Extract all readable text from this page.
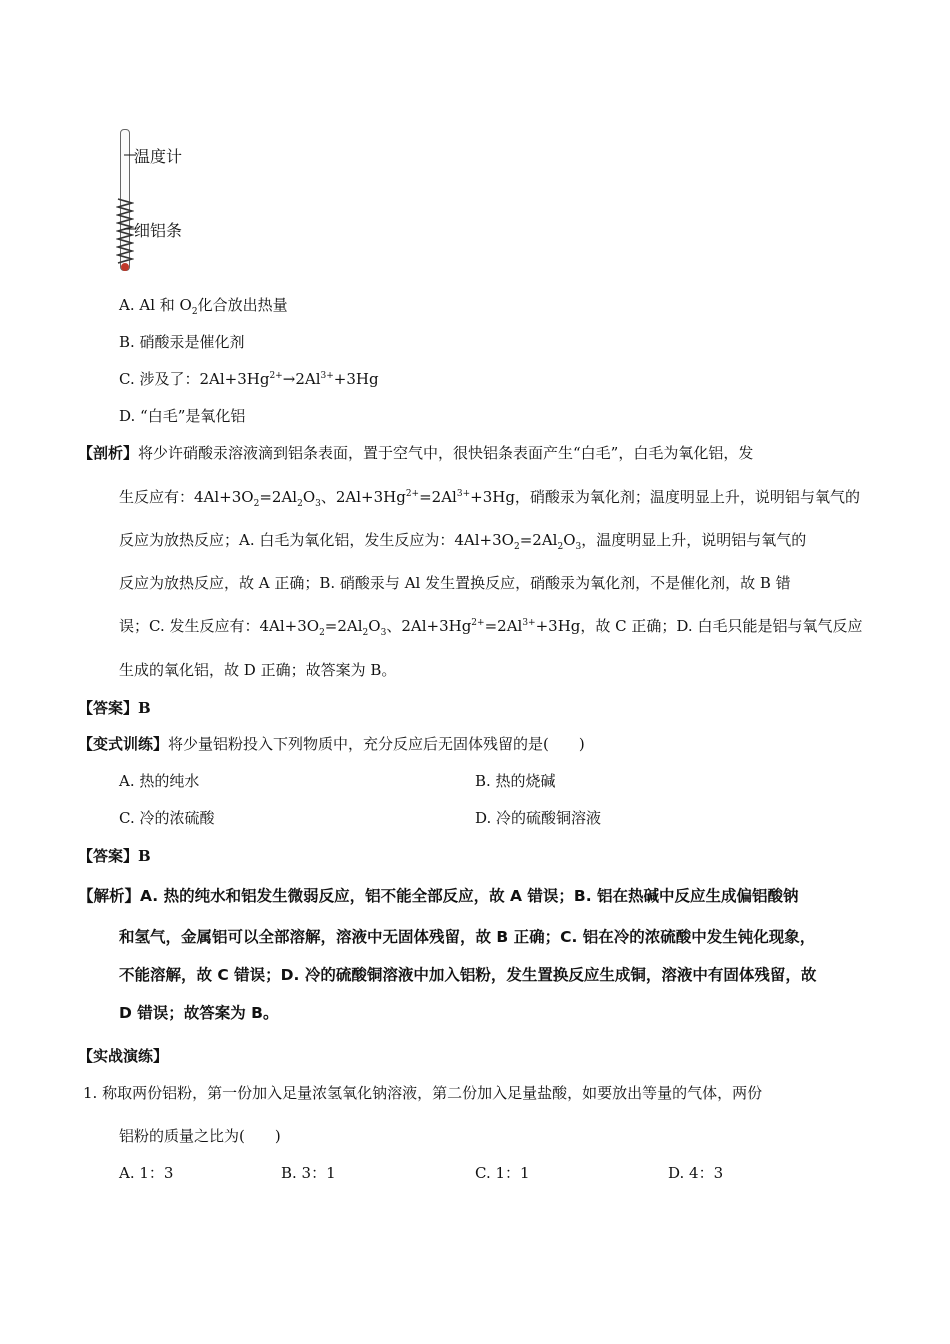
温度计
细铝条
A. Al 和 $O_2$化合放出热量
B. 硝酸汞是催化剂
C. 涉及了：$2Al+3Hg^{2+}\to 2Al^{3+}+3Hg$
D. “白毛”是氧化铝
【剖析】将少许硝酸汞溶液滴到铝条表面，置于空气中，很快铝条表面产生“白毛”，白毛为氧化铝，发
生反应有：$4Al+3O_2=2Al_2O_3$、$2Al+3Hg^{2+}=2Al^{3+}+3Hg$，硝酸汞为氧化剂；温度明显上升，说明铝与氧气的
反应为放热反应；A. 白毛为氧化铝，发生反应为：$4Al+3O_2=2Al_2O_3$，温度明显上升，说明铝与氧气的
反应为放热反应，故 A 正确；B. 硝酸汞与 Al 发生置换反应，硝酸汞为氧化剂，不是催化剂，故 B 错
误；C. 发生反应有：$4Al+3O_2=2Al_2O_3$、$2Al+3Hg^{2+}=2Al^{3+}+3Hg$，故 C 正确；D. 白毛只能是铝与氧气反应
生成的氧化铝，故 D 正确；故答案为 B。
【答案】B
【变式训练】将少量铝粉投入下列物质中，充分反应后无固体残留的是(　　)
A. 热的纯水	B. 热的烧碱
C. 冷的浓硫酸	D. 冷的硫酸铜溶液
【答案】B
【解析】A. 热的纯水和铝发生微弱反应，铝不能全部反应，故 A 错误；B. 铝在热碱中反应生成偏铝酸钠
和氢气，金属铝可以全部溶解，溶液中无固体残留，故 B 正确；C. 铝在冷的浓硫酸中发生钝化现象，
不能溶解，故 C 错误；D. 冷的硫酸铜溶液中加入铝粉，发生置换反应生成铜，溶液中有固体残留，故
D 错误；故答案为 B。
【实战演练】
1. 称取两份铝粉，第一份加入足量浓氢氧化钠溶液，第二份加入足量盐酸，如要放出等量的气体，两份
铝粉的质量之比为(　　)
A. 1：3	B. 3：1	C. 1：1	D. 4：3
